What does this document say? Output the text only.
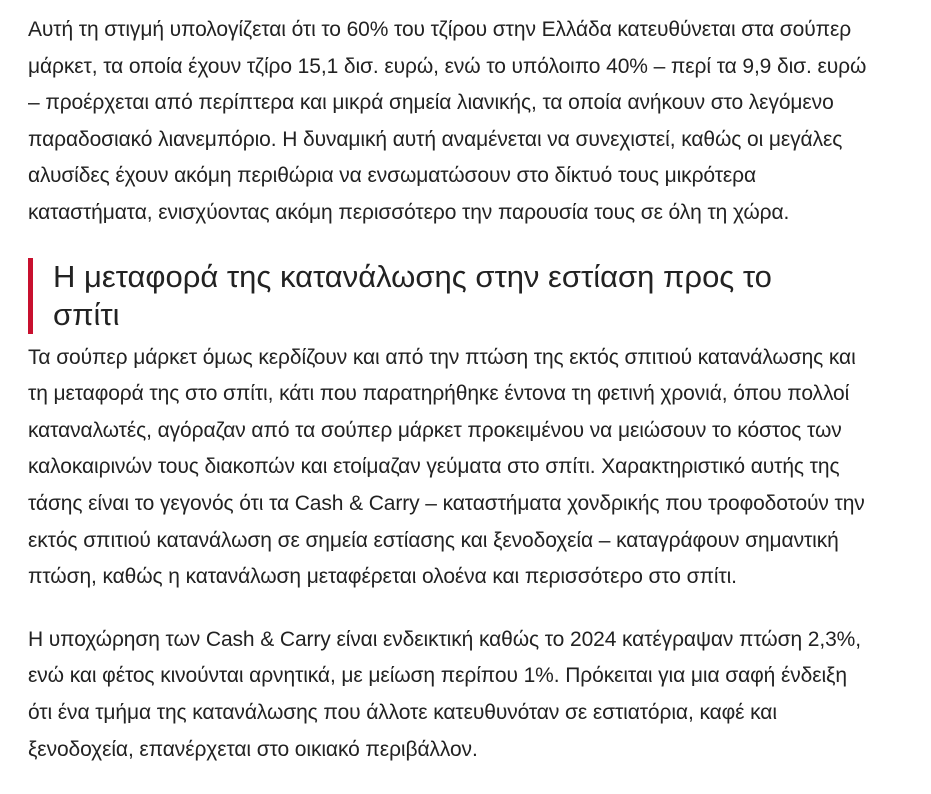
Αυτή τη στιγμή υπολογίζεται ότι το 60% του τζίρου στην Ελλάδα κατευθύνεται στα σούπερ
μάρκετ, τα οποία έχουν τζίρο 15,1 δισ. ευρώ, ενώ το υπόλοιπο 40% – περί τα 9,9 δισ. ευρώ
– προέρχεται από περίπτερα και μικρά σημεία λιανικής, τα οποία ανήκουν στο λεγόμενο
παραδοσιακό λιανεμπόριο. Η δυναμική αυτή αναμένεται να συνεχιστεί, καθώς οι μεγάλες
αλυσίδες έχουν ακόμη περιθώρια να ενσωματώσουν στο δίκτυό τους μικρότερα
καταστήματα, ενισχύοντας ακόμη περισσότερο την παρουσία τους σε όλη τη χώρα.

Η μεταφορά της κατανάλωσης στην εστίαση προς το
σπίτι

Τα σούπερ μάρκετ όμως κερδίζουν και από την πτώση της εκτός σπιτιού κατανάλωσης και
τη μεταφορά της στο σπίτι, κάτι που παρατηρήθηκε έντονα τη φετινή χρονιά, όπου πολλοί
καταναλωτές, αγόραζαν από τα σούπερ μάρκετ προκειμένου να μειώσουν το κόστος των
καλοκαιρινών τους διακοπών και ετοίμαζαν γεύματα στο σπίτι. Χαρακτηριστικό αυτής της
τάσης είναι το γεγονός ότι τα Cash & Carry – καταστήματα χονδρικής που τροφοδοτούν την
εκτός σπιτιού κατανάλωση σε σημεία εστίασης και ξενοδοχεία – καταγράφουν σημαντική
πτώση, καθώς η κατανάλωση μεταφέρεται ολοένα και περισσότερο στο σπίτι.

Η υποχώρηση των Cash & Carry είναι ενδεικτική καθώς το 2024 κατέγραψαν πτώση 2,3%,
ενώ και φέτος κινούνται αρνητικά, με μείωση περίπου 1%. Πρόκειται για μια σαφή ένδειξη
ότι ένα τμήμα της κατανάλωσης που άλλοτε κατευθυνόταν σε εστιατόρια, καφέ και
ξενοδοχεία, επανέρχεται στο οικιακό περιβάλλον.
